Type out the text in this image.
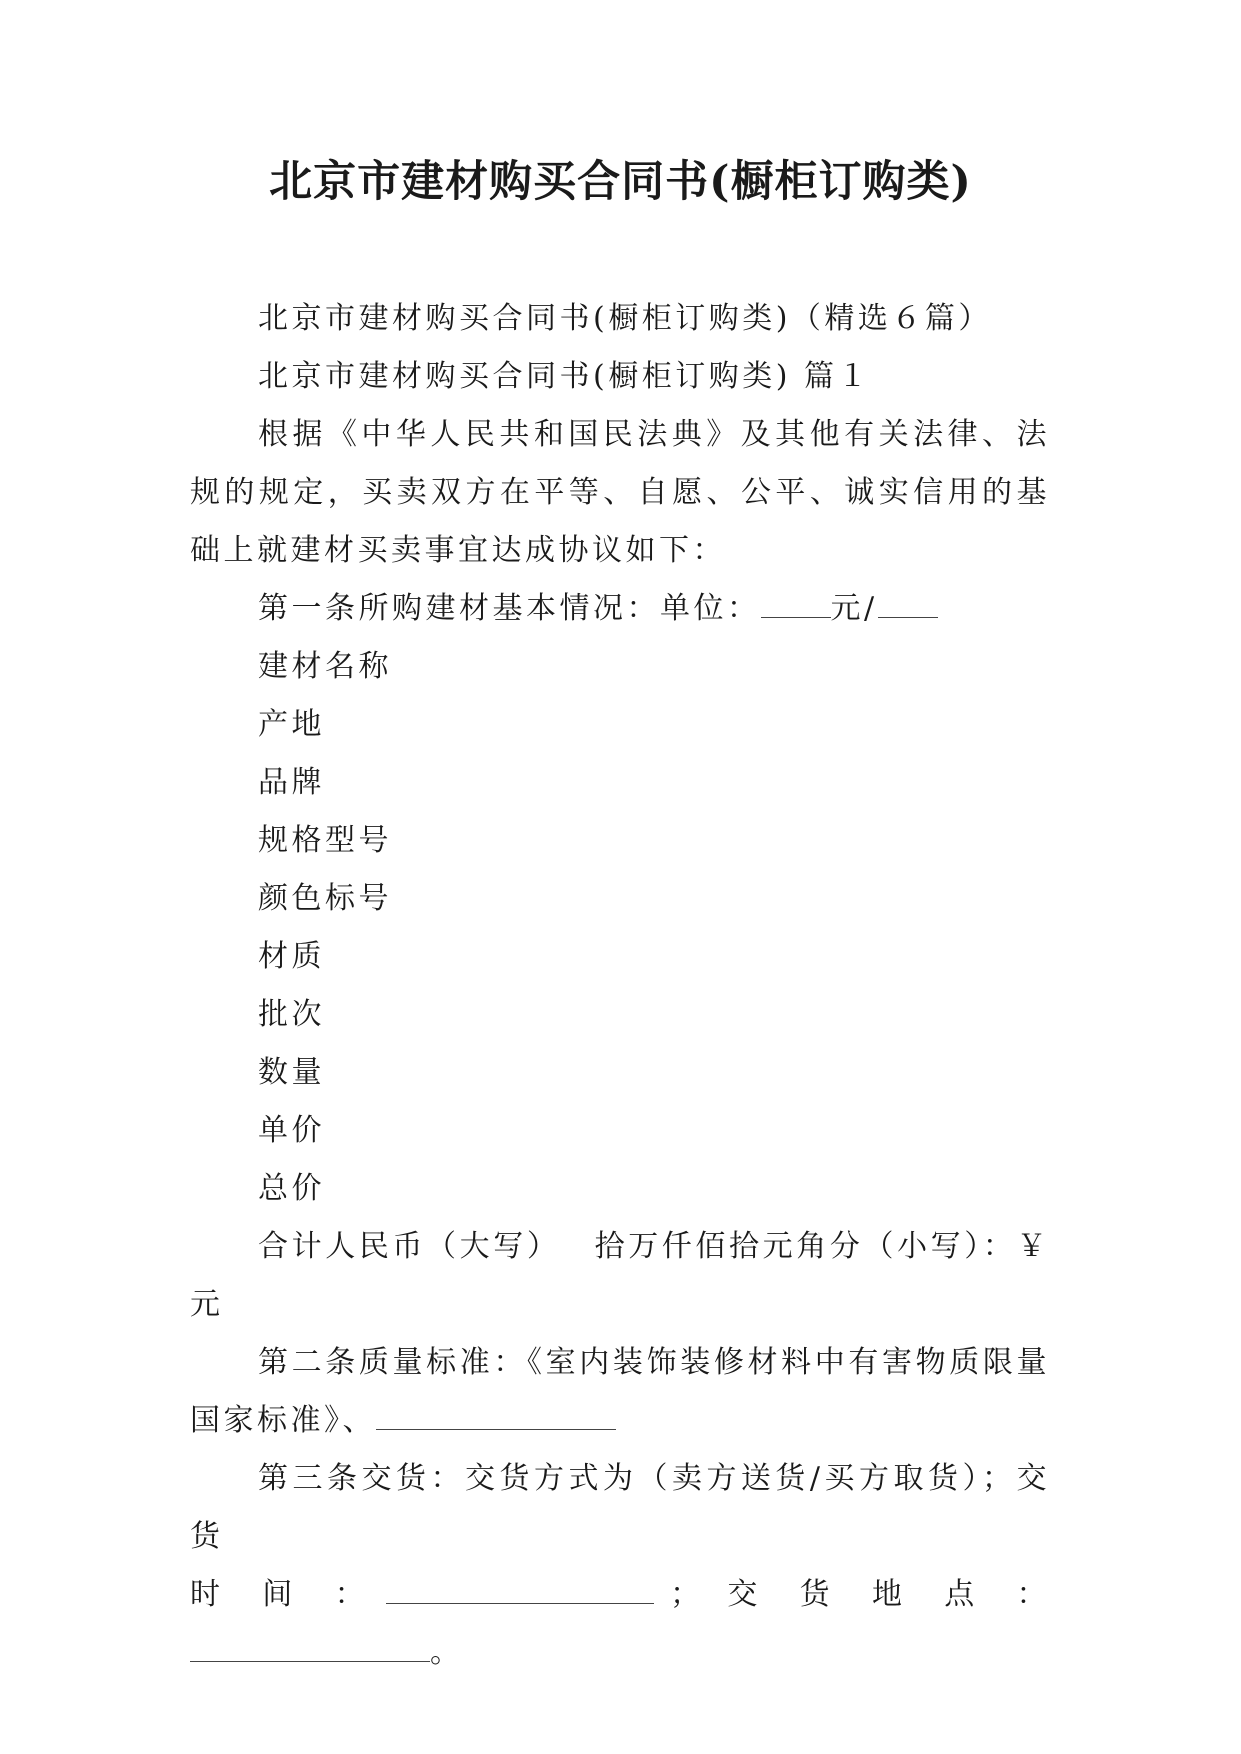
北京市建材购买合同书(橱柜订购类)

北京市建材购买合同书(橱柜订购类)（精选６篇）

北京市建材购买合同书(橱柜订购类) 篇１

根据《中华人民共和国民法典》及其他有关法律、法规的规定，买卖双方在平等、自愿、公平、诚实信用的基础上就建材买卖事宜达成协议如下：

第一条所购建材基本情况：单位： 元/

建材名称

产地

品牌

规格型号

颜色标号

材质

批次

数量

单价

总价

合计人民币（大写） 拾万仟佰拾元角分（小写）：￥ 元

第二条质量标准：《室内装饰装修材料中有害物质限量国家标准》、

第三条交货：交货方式为（卖方送货/买方取货）；交货

时　间　：	；　交　货　地　点　：

。
